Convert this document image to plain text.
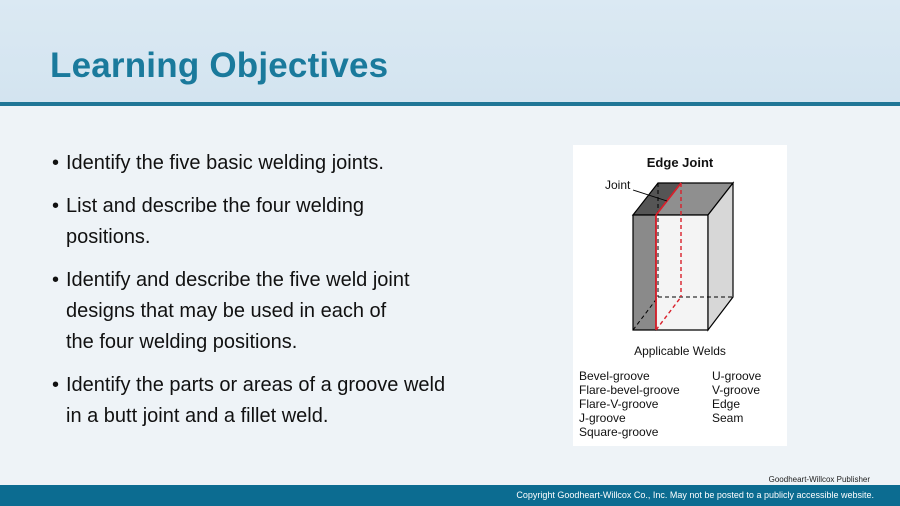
Learning Objectives
• Identify the five basic welding joints.
• List and describe the four welding positions.
• Identify and describe the five weld joint designs that may be used in each of the four welding positions.
• Identify the parts or areas of a groove weld in a butt joint and a fillet weld.
Edge Joint
Joint
Applicable Welds
Bevel-groove
Flare-bevel-groove
Flare-V-groove
J-groove
Square-groove
U-groove
V-groove
Edge
Seam
Goodheart-Willcox Publisher
Copyright Goodheart-Willcox Co., Inc. May not be posted to a publicly accessible website.
